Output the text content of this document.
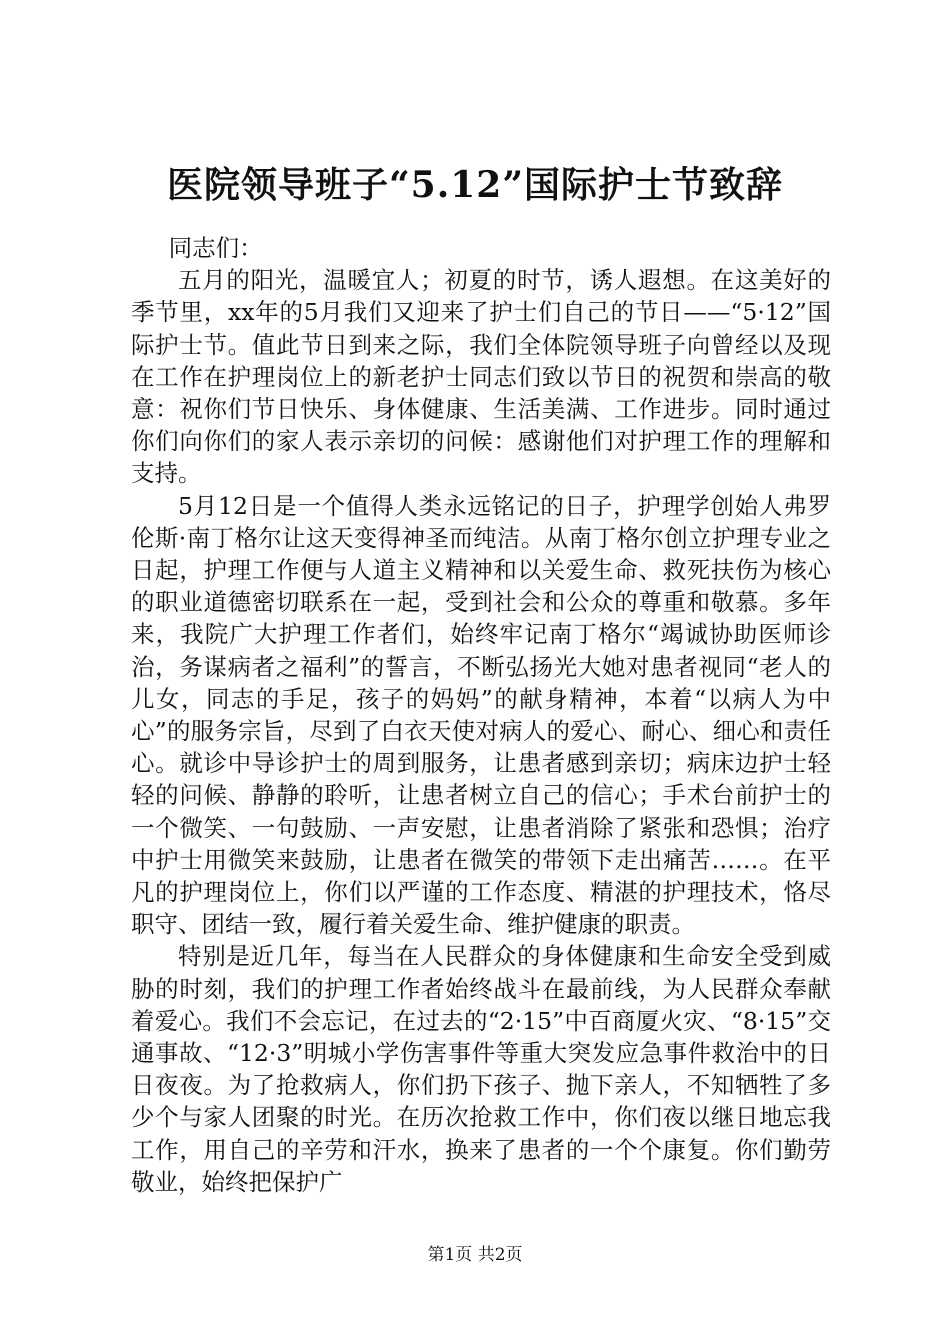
医院领导班子“5.12”国际护士节致辞

同志们：

五月的阳光，温暖宜人；初夏的时节，诱人遐想。在这美好的季节里，xx年的5月我们又迎来了护士们自己的节日——“5·12”国际护士节。值此节日到来之际，我们全体院领导班子向曾经以及现在工作在护理岗位上的新老护士同志们致以节日的祝贺和崇高的敬意：祝你们节日快乐、身体健康、生活美满、工作进步。同时通过你们向你们的家人表示亲切的问候：感谢他们对护理工作的理解和支持。

5月12日是一个值得人类永远铭记的日子，护理学创始人弗罗伦斯·南丁格尔让这天变得神圣而纯洁。从南丁格尔创立护理专业之日起，护理工作便与人道主义精神和以关爱生命、救死扶伤为核心的职业道德密切联系在一起，受到社会和公众的尊重和敬慕。多年来，我院广大护理工作者们，始终牢记南丁格尔“竭诚协助医师诊治，务谋病者之福利”的誓言，不断弘扬光大她对患者视同“老人的儿女，同志的手足，孩子的妈妈”的献身精神，本着“以病人为中心”的服务宗旨，尽到了白衣天使对病人的爱心、耐心、细心和责任心。就诊中导诊护士的周到服务，让患者感到亲切；病床边护士轻轻的问候、静静的聆听，让患者树立自己的信心；手术台前护士的一个微笑、一句鼓励、一声安慰，让患者消除了紧张和恐惧；治疗中护士用微笑来鼓励，让患者在微笑的带领下走出痛苦……。在平凡的护理岗位上，你们以严谨的工作态度、精湛的护理技术，恪尽职守、团结一致，履行着关爱生命、维护健康的职责。

特别是近几年，每当在人民群众的身体健康和生命安全受到威胁的时刻，我们的护理工作者始终战斗在最前线，为人民群众奉献着爱心。我们不会忘记，在过去的“2·15”中百商厦火灾、“8·15”交通事故、“12·3”明城小学伤害事件等重大突发应急事件救治中的日日夜夜。为了抢救病人，你们扔下孩子、抛下亲人，不知牺牲了多少个与家人团聚的时光。在历次抢救工作中，你们夜以继日地忘我工作，用自己的辛劳和汗水，换来了患者的一个个康复。你们勤劳敬业，始终把保护广

第1页 共2页
